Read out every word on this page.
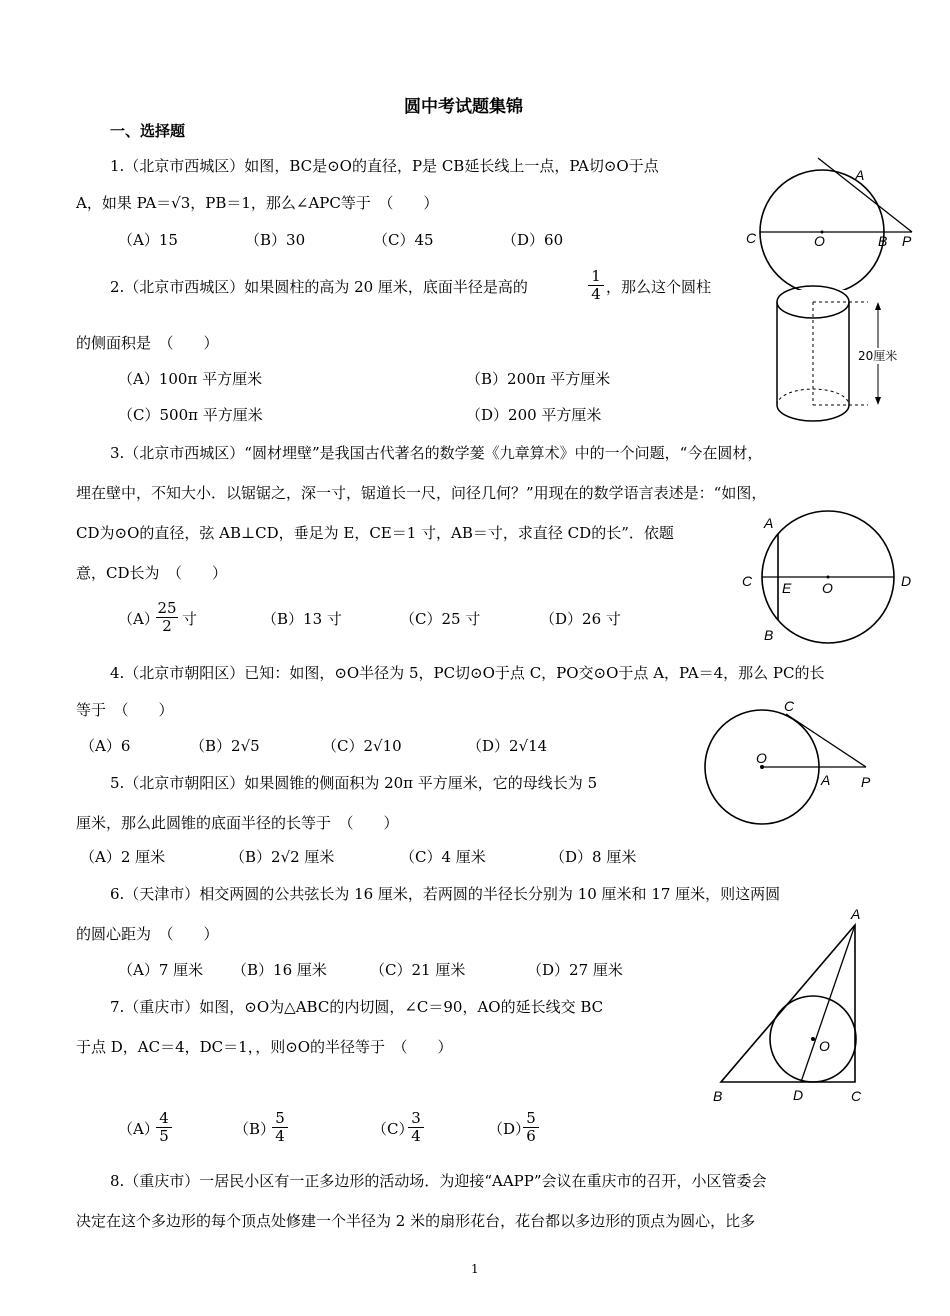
圆中考试题集锦
一、选择题
1.（北京市西城区）如图，BC是⊙O的直径，P是 CB延长线上一点，PA切⊙O于点
A，如果 PA＝√3，PB＝1，那么∠APC等于　（　　）
（A）15	（B）30	（C）45	（D）60
A
C	O	B P
2.（北京市西城区）如果圆柱的高为 20 厘米，底面半径是高的	$\frac{1}{4}$ ，那么这个圆柱
的侧面积是　（　　）
（A）100π 平方厘米	（B）200π 平方厘米
（C）500π 平方厘米	（D）200 平方厘米
20厘米
3.（北京市西城区）“圆材埋壁”是我国古代著名的数学蓌《九章算术》中的一个问题，“今在圆材，
埋在壁中，不知大小．以锯锯之，深一寸，锯道长一尺，问径几何？”用现在的数学语言表述是：“如图，
CD为⊙O的直径，弦 AB⊥CD，垂足为 E，CE＝1 寸，AB＝寸，求直径 CD的长”．依题
意，CD长为　（　　）
（A）
$\frac{25}{2}$ 寸	（B）13 寸	（C）25 寸	（D）26 寸
A
C E O	D
B
4.（北京市朝阳区）已知：如图，⊙O半径为 5，PC切⊙O于点 C，PO交⊙O于点 A，PA＝4，那么 PC的长
等于　（　　）
（A）6	（B）2√5	（C）2√10	（D）2√14
C
O
A P
5.（北京市朝阳区）如果圆锥的侧面积为 20π 平方厘米，它的母线长为 5
厘米，那么此圆锥的底面半径的长等于　（　　）
（A）2 厘米	（B）2√2 厘米	（C）4 厘米	（D）8 厘米
6.（天津市）相交两圆的公共弦长为 16 厘米，若两圆的半径长分别为 10 厘米和 17 厘米，则这两圆
的圆心距为　（　　）
（A）7 厘米 （B）16 厘米	（C）21 厘米	（D）27 厘米
7.（重庆市）如图，⊙O为△ABC的内切圆，∠C＝90，AO的延长线交 BC
于点 D，AC＝4，DC＝1，，则⊙O的半径等于　（　　）
（A）
$\frac{4}{5}$	（B）
$\frac{5}{4}$	（C）
$\frac{3}{4}$	（D）
$\frac{5}{6}$
A
O
B	D	C
8.（重庆市）一居民小区有一正多边形的活动场．为迎接“AAPP”会议在重庆市的召开，小区管委会
决定在这个多边形的每个顶点处修建一个半径为 2 米的扇形花台，花台都以多边形的顶点为圆心，比多
1
